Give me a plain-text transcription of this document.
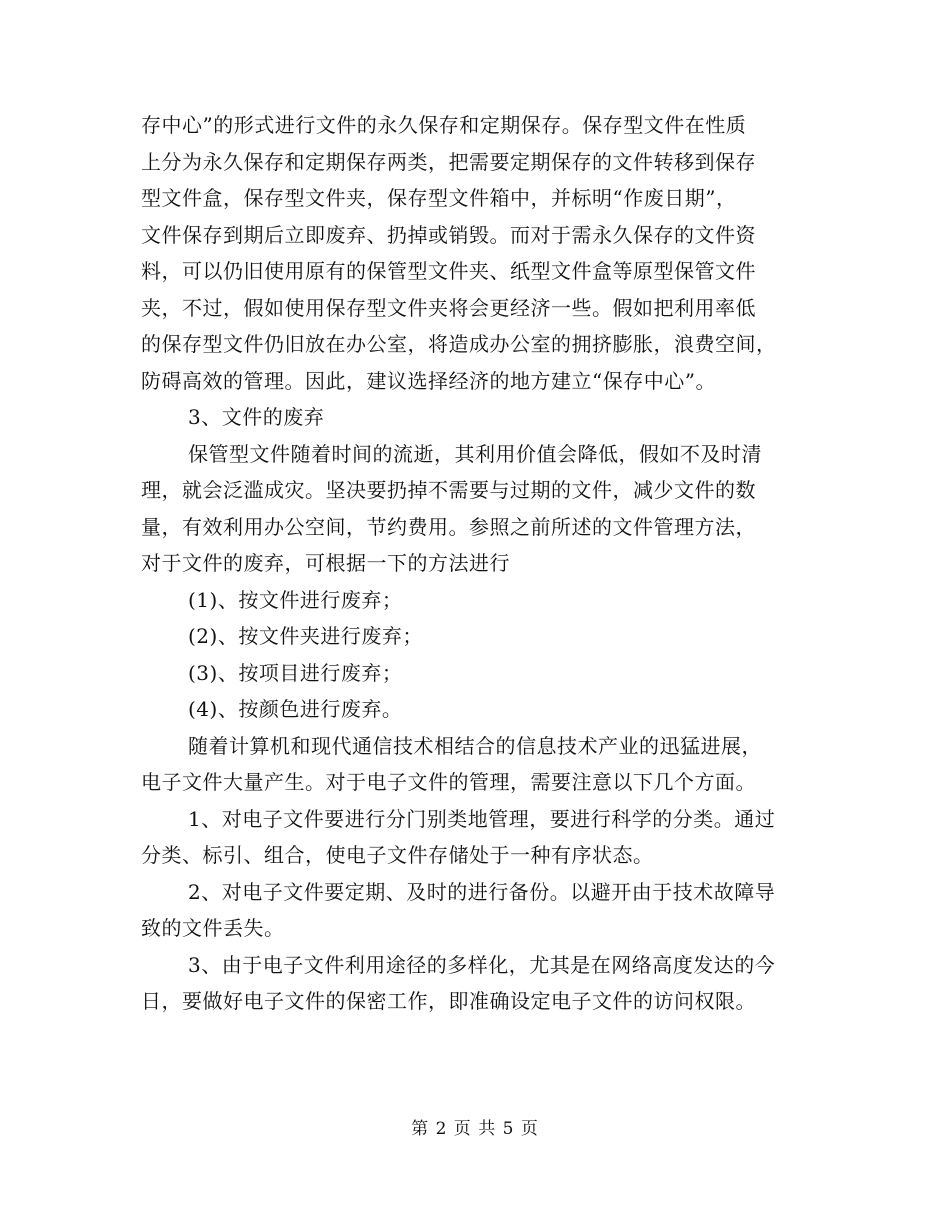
存中心”的形式进行文件的永久保存和定期保存。保存型文件在性质
上分为永久保存和定期保存两类，把需要定期保存的文件转移到保存
型文件盒，保存型文件夹，保存型文件箱中，并标明“作废日期”，
文件保存到期后立即废弃、扔掉或销毁。而对于需永久保存的文件资
料，可以仍旧使用原有的保管型文件夹、纸型文件盒等原型保管文件
夹，不过，假如使用保存型文件夹将会更经济一些。假如把利用率低
的保存型文件仍旧放在办公室，将造成办公室的拥挤膨胀，浪费空间，
防碍高效的管理。因此，建议选择经济的地方建立“保存中心”。
3、文件的废弃
保管型文件随着时间的流逝，其利用价值会降低，假如不及时清
理，就会泛滥成灾。坚决要扔掉不需要与过期的文件，减少文件的数
量，有效利用办公空间，节约费用。参照之前所述的文件管理方法，
对于文件的废弃，可根据一下的方法进行
(1)、按文件进行废弃；
(2)、按文件夹进行废弃；
(3)、按项目进行废弃；
(4)、按颜色进行废弃。
随着计算机和现代通信技术相结合的信息技术产业的迅猛进展，
电子文件大量产生。对于电子文件的管理，需要注意以下几个方面。
1、对电子文件要进行分门别类地管理，要进行科学的分类。通过
分类、标引、组合，使电子文件存储处于一种有序状态。
2、对电子文件要定期、及时的进行备份。以避开由于技术故障导
致的文件丢失。
3、由于电子文件利用途径的多样化，尤其是在网络高度发达的今
日，要做好电子文件的保密工作，即准确设定电子文件的访问权限。
第 2 页 共 5 页
